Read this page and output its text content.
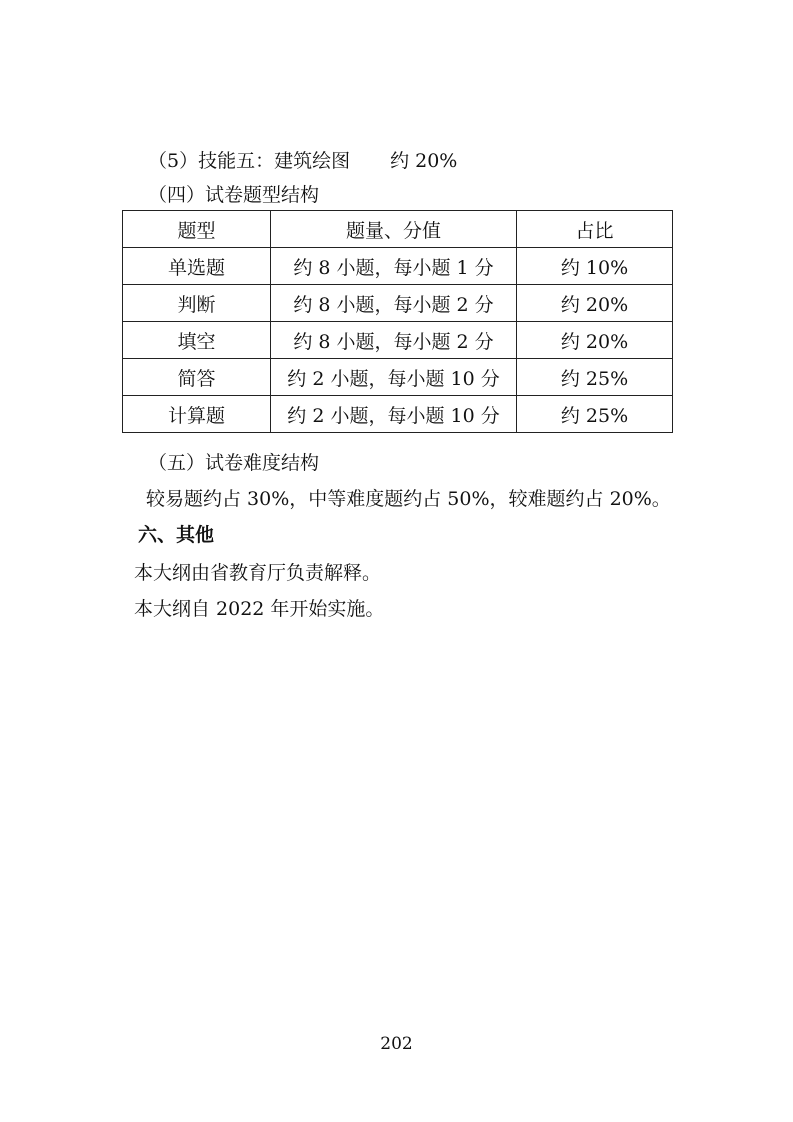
（5）技能五：建筑绘图 约 20%
（四）试卷题型结构
题型	题量、分值	占比
单选题	约 8 小题，每小题 1 分	约 10%
判断	约 8 小题，每小题 2 分	约 20%
填空	约 8 小题，每小题 2 分	约 20%
简答	约 2 小题，每小题 10 分	约 25%
计算题	约 2 小题，每小题 10 分	约 25%
（五）试卷难度结构
较易题约占 30%，中等难度题约占 50%，较难题约占 20%。
六、其他
本大纲由省教育厅负责解释。
本大纲自 2022 年开始实施。
202
